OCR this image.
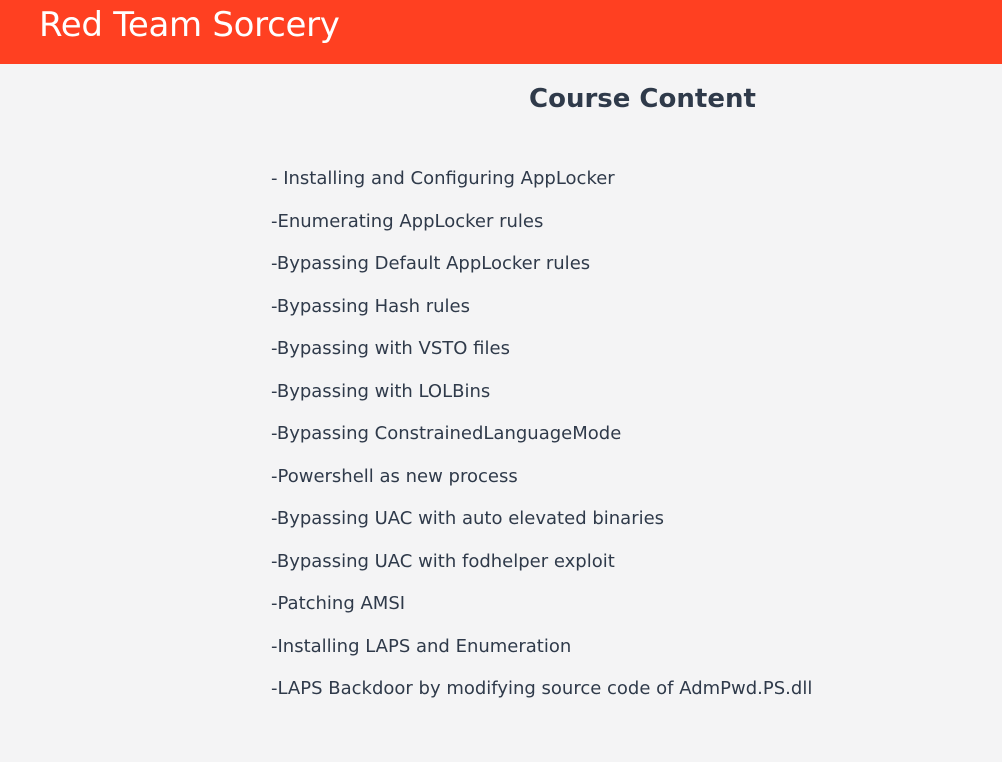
Red Team Sorcery
Course Content
- Installing and Configuring AppLocker
-Enumerating AppLocker rules
-Bypassing Default AppLocker rules
-Bypassing Hash rules
-Bypassing with VSTO files
-Bypassing with LOLBins
-Bypassing ConstrainedLanguageMode
-Powershell as new process
-Bypassing UAC with auto elevated binaries
-Bypassing UAC with fodhelper exploit
-Patching AMSI
-Installing LAPS and Enumeration
-LAPS Backdoor by modifying source code of AdmPwd.PS.dll
